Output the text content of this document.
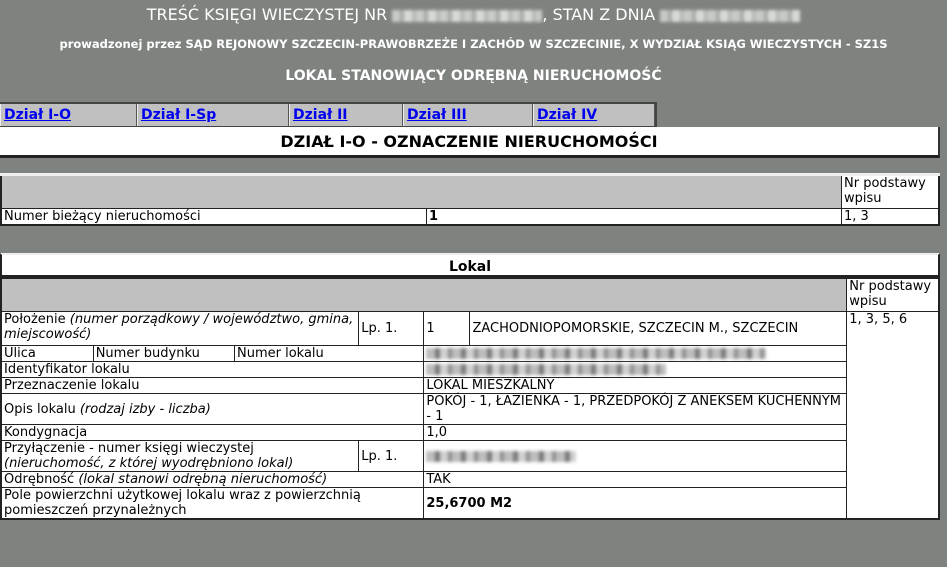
TREŚĆ KSIĘGI WIECZYSTEJ NR	, STAN Z DNIA
prowadzonej przez SĄD REJONOWY SZCZECIN-PRAWOBRZEŻE I ZACHÓD W SZCZECINIE, X WYDZIAŁ KSIĄG WIECZYSTYCH - SZ1S
LOKAL STANOWIĄCY ODRĘBNĄ NIERUCHOMOŚĆ
Dział I-O	Dział I-Sp	Dział II	Dział III	Dział IV
DZIAŁ I-O - OZNACZENIE NIERUCHOMOŚCI
		Nr podstawy wpisu
Numer bieżący nieruchomości	1	1, 3
Lokal
						Nr podstawy wpisu
Położenie (numer porządkowy / województwo, gmina, miejscowość)			Lp. 1.	1	ZACHODNIOPOMORSKIE, SZCZECIN M., SZCZECIN	1, 3, 5, 6
Ulica	Numer budynku	Numer lokalu				
Identyfikator lokalu						
Przeznaczenie lokalu				LOKAL MIESZKALNY		
Opis lokalu (rodzaj izby - liczba)				POKÓJ - 1, ŁAZIENKA - 1, PRZEDPOKÓJ Z ANEKSEM KUCHENNYM - 1		
Kondygnacja				1,0		
Przyłączenie - numer księgi wieczystej
(nieruchomość, z której wyodrębniono lokal)			Lp. 1.			
Odrębność (lokal stanowi odrębną nieruchomość)				TAK		
Pole powierzchni użytkowej lokalu wraz z powierzchnią pomieszczeń przynależnych				25,6700 M2		
